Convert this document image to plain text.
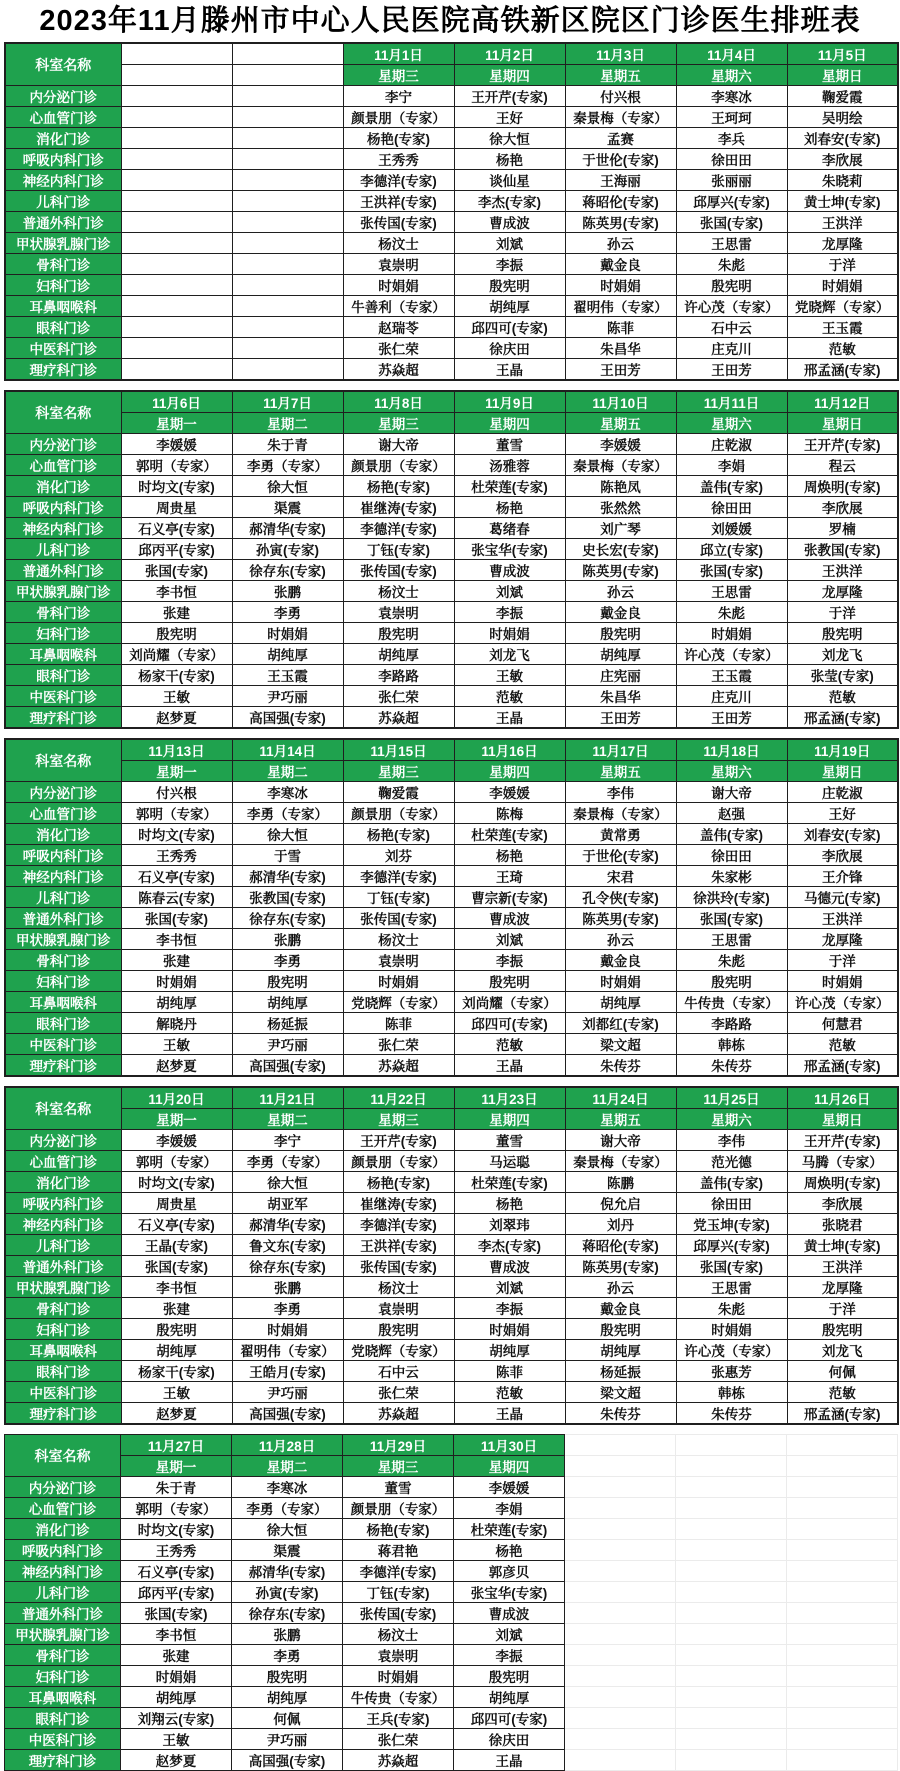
2023年11月滕州市中心人民医院高铁新区院区门诊医生排班表
科室名称			11月1日	11月2日	11月3日	11月4日	11月5日
			星期三	星期四	星期五	星期六	星期日
内分泌门诊			李宁	王开芹(专家)	付兴根	李寒冰	鞠爱霞
心血管门诊			颜景朋（专家）	王好	秦景梅（专家）	王珂珂	吴明绘
消化门诊			杨艳(专家)	徐大恒	孟赛	李兵	刘春安(专家)
呼吸内科门诊			王秀秀	杨艳	于世伦(专家)	徐田田	李欣展
神经内科门诊			李德洋(专家)	谈仙星	王海丽	张丽丽	朱晓莉
儿科门诊			王洪祥(专家)	李杰(专家)	蒋昭伦(专家)	邱厚兴(专家)	黄士坤(专家)
普通外科门诊			张传国(专家)	曹成波	陈英男(专家)	张国(专家)	王洪洋
甲状腺乳腺门诊			杨汶士	刘斌	孙云	王思雷	龙厚隆
骨科门诊			袁崇明	李振	戴金良	朱彪	于洋
妇科门诊			时娟娟	殷宪明	时娟娟	殷宪明	时娟娟
耳鼻咽喉科			牛善利（专家）	胡纯厚	翟明伟（专家）	许心茂（专家）	党晓辉（专家）
眼科门诊			赵瑞苓	邱四可(专家)	陈菲	石中云	王玉霞
中医科门诊			张仁荣	徐庆田	朱昌华	庄克川	范敏
理疗科门诊			苏焱超	王晶	王田芳	王田芳	邢孟涵(专家)
科室名称	11月6日	11月7日	11月8日	11月9日	11月10日	11月11日	11月12日
	星期一	星期二	星期三	星期四	星期五	星期六	星期日
内分泌门诊	李媛媛	朱于青	谢大帝	董雪	李媛媛	庄乾淑	王开芹(专家)
心血管门诊	郭明（专家）	李勇（专家）	颜景朋（专家）	汤雅蓉	秦景梅（专家）	李娟	程云
消化门诊	时均文(专家)	徐大恒	杨艳(专家)	杜荣莲(专家)	陈艳凤	盖伟(专家)	周焕明(专家)
呼吸内科门诊	周贵星	渠震	崔继涛(专家)	杨艳	张然然	徐田田	李欣展
神经内科门诊	石义亭(专家)	郝清华(专家)	李德洋(专家)	葛绪春	刘广琴	刘媛媛	罗楠
儿科门诊	邱丙平(专家)	孙寅(专家)	丁钰(专家)	张宝华(专家)	史长宏(专家)	邱立(专家)	张教国(专家)
普通外科门诊	张国(专家)	徐存东(专家)	张传国(专家)	曹成波	陈英男(专家)	张国(专家)	王洪洋
甲状腺乳腺门诊	李书恒	张鹏	杨汶士	刘斌	孙云	王思雷	龙厚隆
骨科门诊	张建	李勇	袁崇明	李振	戴金良	朱彪	于洋
妇科门诊	殷宪明	时娟娟	殷宪明	时娟娟	殷宪明	时娟娟	殷宪明
耳鼻咽喉科	刘尚耀（专家）	胡纯厚	胡纯厚	刘龙飞	胡纯厚	许心茂（专家）	刘龙飞
眼科门诊	杨家干(专家)	王玉霞	李路路	王敏	庄宪丽	王玉霞	张莹(专家)
中医科门诊	王敏	尹巧丽	张仁荣	范敏	朱昌华	庄克川	范敏
理疗科门诊	赵梦夏	高国强(专家)	苏焱超	王晶	王田芳	王田芳	邢孟涵(专家)
科室名称	11月13日	11月14日	11月15日	11月16日	11月17日	11月18日	11月19日
	星期一	星期二	星期三	星期四	星期五	星期六	星期日
内分泌门诊	付兴根	李寒冰	鞠爱霞	李媛媛	李伟	谢大帝	庄乾淑
心血管门诊	郭明（专家）	李勇（专家）	颜景朋（专家）	陈梅	秦景梅（专家）	赵强	王好
消化门诊	时均文(专家)	徐大恒	杨艳(专家)	杜荣莲(专家)	黄常勇	盖伟(专家)	刘春安(专家)
呼吸内科门诊	王秀秀	于雪	刘芬	杨艳	于世伦(专家)	徐田田	李欣展
神经内科门诊	石义亭(专家)	郝清华(专家)	李德洋(专家)	王琦	宋君	朱家彬	王介锋
儿科门诊	陈春云(专家)	张教国(专家)	丁钰(专家)	曹宗新(专家)	孔令侠(专家)	徐洪玲(专家)	马德元(专家)
普通外科门诊	张国(专家)	徐存东(专家)	张传国(专家)	曹成波	陈英男(专家)	张国(专家)	王洪洋
甲状腺乳腺门诊	李书恒	张鹏	杨汶士	刘斌	孙云	王思雷	龙厚隆
骨科门诊	张建	李勇	袁崇明	李振	戴金良	朱彪	于洋
妇科门诊	时娟娟	殷宪明	时娟娟	殷宪明	时娟娟	殷宪明	时娟娟
耳鼻咽喉科	胡纯厚	胡纯厚	党晓辉（专家）	刘尚耀（专家）	胡纯厚	牛传贵（专家）	许心茂（专家）
眼科门诊	解晓丹	杨延振	陈菲	邱四可(专家)	刘都红(专家)	李路路	何慧君
中医科门诊	王敏	尹巧丽	张仁荣	范敏	梁文超	韩栋	范敏
理疗科门诊	赵梦夏	高国强(专家)	苏焱超	王晶	朱传芬	朱传芬	邢孟涵(专家)
科室名称	11月20日	11月21日	11月22日	11月23日	11月24日	11月25日	11月26日
	星期一	星期二	星期三	星期四	星期五	星期六	星期日
内分泌门诊	李媛媛	李宁	王开芹(专家)	董雪	谢大帝	李伟	王开芹(专家)
心血管门诊	郭明（专家）	李勇（专家）	颜景朋（专家）	马运聪	秦景梅（专家）	范光德	马腾（专家）
消化门诊	时均文(专家)	徐大恒	杨艳(专家)	杜荣莲(专家)	陈鹏	盖伟(专家)	周焕明(专家)
呼吸内科门诊	周贵星	胡亚军	崔继涛(专家)	杨艳	倪允启	徐田田	李欣展
神经内科门诊	石义亭(专家)	郝清华(专家)	李德洋(专家)	刘翠玮	刘丹	党玉坤(专家)	张晓君
儿科门诊	王晶(专家)	鲁文东(专家)	王洪祥(专家)	李杰(专家)	蒋昭伦(专家)	邱厚兴(专家)	黄士坤(专家)
普通外科门诊	张国(专家)	徐存东(专家)	张传国(专家)	曹成波	陈英男(专家)	张国(专家)	王洪洋
甲状腺乳腺门诊	李书恒	张鹏	杨汶士	刘斌	孙云	王思雷	龙厚隆
骨科门诊	张建	李勇	袁崇明	李振	戴金良	朱彪	于洋
妇科门诊	殷宪明	时娟娟	殷宪明	时娟娟	殷宪明	时娟娟	殷宪明
耳鼻咽喉科	胡纯厚	翟明伟（专家）	党晓辉（专家）	胡纯厚	胡纯厚	许心茂（专家）	刘龙飞
眼科门诊	杨家干(专家)	王皓月(专家)	石中云	陈菲	杨延振	张惠芳	何佩
中医科门诊	王敏	尹巧丽	张仁荣	范敏	梁文超	韩栋	范敏
理疗科门诊	赵梦夏	高国强(专家)	苏焱超	王晶	朱传芬	朱传芬	邢孟涵(专家)
科室名称	11月27日	11月28日	11月29日	11月30日			
	星期一	星期二	星期三	星期四			
内分泌门诊	朱于青	李寒冰	董雪	李媛媛			
心血管门诊	郭明（专家）	李勇（专家）	颜景朋（专家）	李娟			
消化门诊	时均文(专家)	徐大恒	杨艳(专家)	杜荣莲(专家)			
呼吸内科门诊	王秀秀	渠震	蒋君艳	杨艳			
神经内科门诊	石义亭(专家)	郝清华(专家)	李德洋(专家)	郭彦贝			
儿科门诊	邱丙平(专家)	孙寅(专家)	丁钰(专家)	张宝华(专家)			
普通外科门诊	张国(专家)	徐存东(专家)	张传国(专家)	曹成波			
甲状腺乳腺门诊	李书恒	张鹏	杨汶士	刘斌			
骨科门诊	张建	李勇	袁崇明	李振			
妇科门诊	时娟娟	殷宪明	时娟娟	殷宪明			
耳鼻咽喉科	胡纯厚	胡纯厚	牛传贵（专家）	胡纯厚			
眼科门诊	刘翔云(专家)	何佩	王兵(专家)	邱四可(专家)			
中医科门诊	王敏	尹巧丽	张仁荣	徐庆田			
理疗科门诊	赵梦夏	高国强(专家)	苏焱超	王晶			
